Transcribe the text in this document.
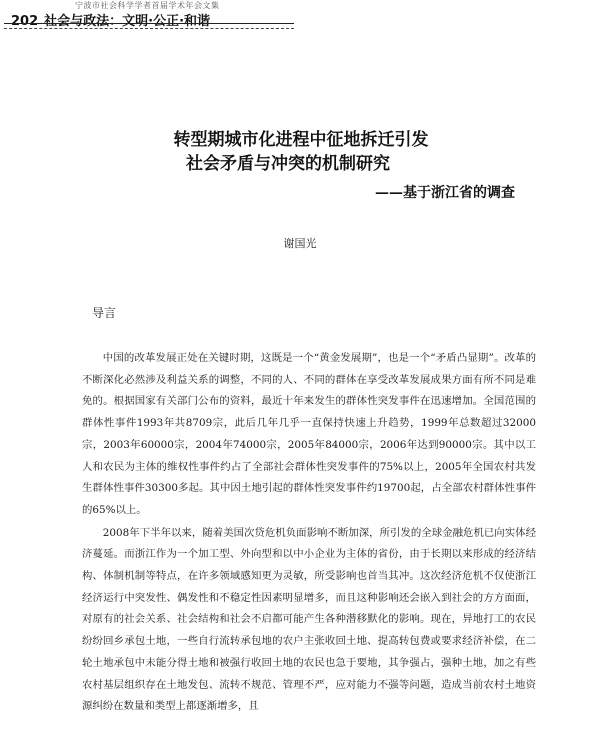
宁波市社会科学学者首届学术年会文集
202 社会与政法：文明·公正·和谐
转型期城市化进程中征地拆迁引发
社会矛盾与冲突的机制研究
——基于浙江省的调查
谢国光
导言

中国的改革发展正处在关键时期，这既是一个“黄金发展期”，也是一个“矛盾凸显期”。改革的不断深化必然涉及利益关系的调整，不同的人、不同的群体在享受改革发展成果方面有所不同是难免的。根据国家有关部门公布的资料，最近十年来发生的群体性突发事件在迅速增加。全国范围的群体性事件1993年共8709宗，此后几年几乎一直保持快速上升趋势，1999年总数超过32000宗，2003年60000宗，2004年74000宗，2005年84000宗，2006年达到90000宗。其中以工人和农民为主体的维权性事件约占了全部社会群体性突发事件的75%以上，2005年全国农村共发生群体性事件30300多起。其中因土地引起的群体性突发事件约19700起，占全部农村群体性事件的65%以上。

2008年下半年以来，随着美国次贷危机负面影响不断加深，所引发的全球金融危机已向实体经济蔓延。而浙江作为一个加工型、外向型和以中小企业为主体的省份，由于长期以来形成的经济结构、体制机制等特点，在许多领域感知更为灵敏，所受影响也首当其冲。这次经济危机不仅使浙江经济运行中突发性、偶发性和不稳定性因素明显增多，而且这种影响还会嵌入到社会的方方面面，对原有的社会关系、社会结构和社会不启都可能产生各种潜移默化的影响。现在，异地打工的农民纷纷回乡承包土地，一些自行流转承包地的农户主张收回土地、提高转包费或要求经济补偿，在二轮土地承包中未能分得土地和被强行收回土地的农民也急于要地，其争强占，强种土地，加之有些农村基层组织存在土地发包、流转不规范、管理不严，应对能力不强等问题，造成当前农村土地资源纠纷在数量和类型上都逐渐增多，且
